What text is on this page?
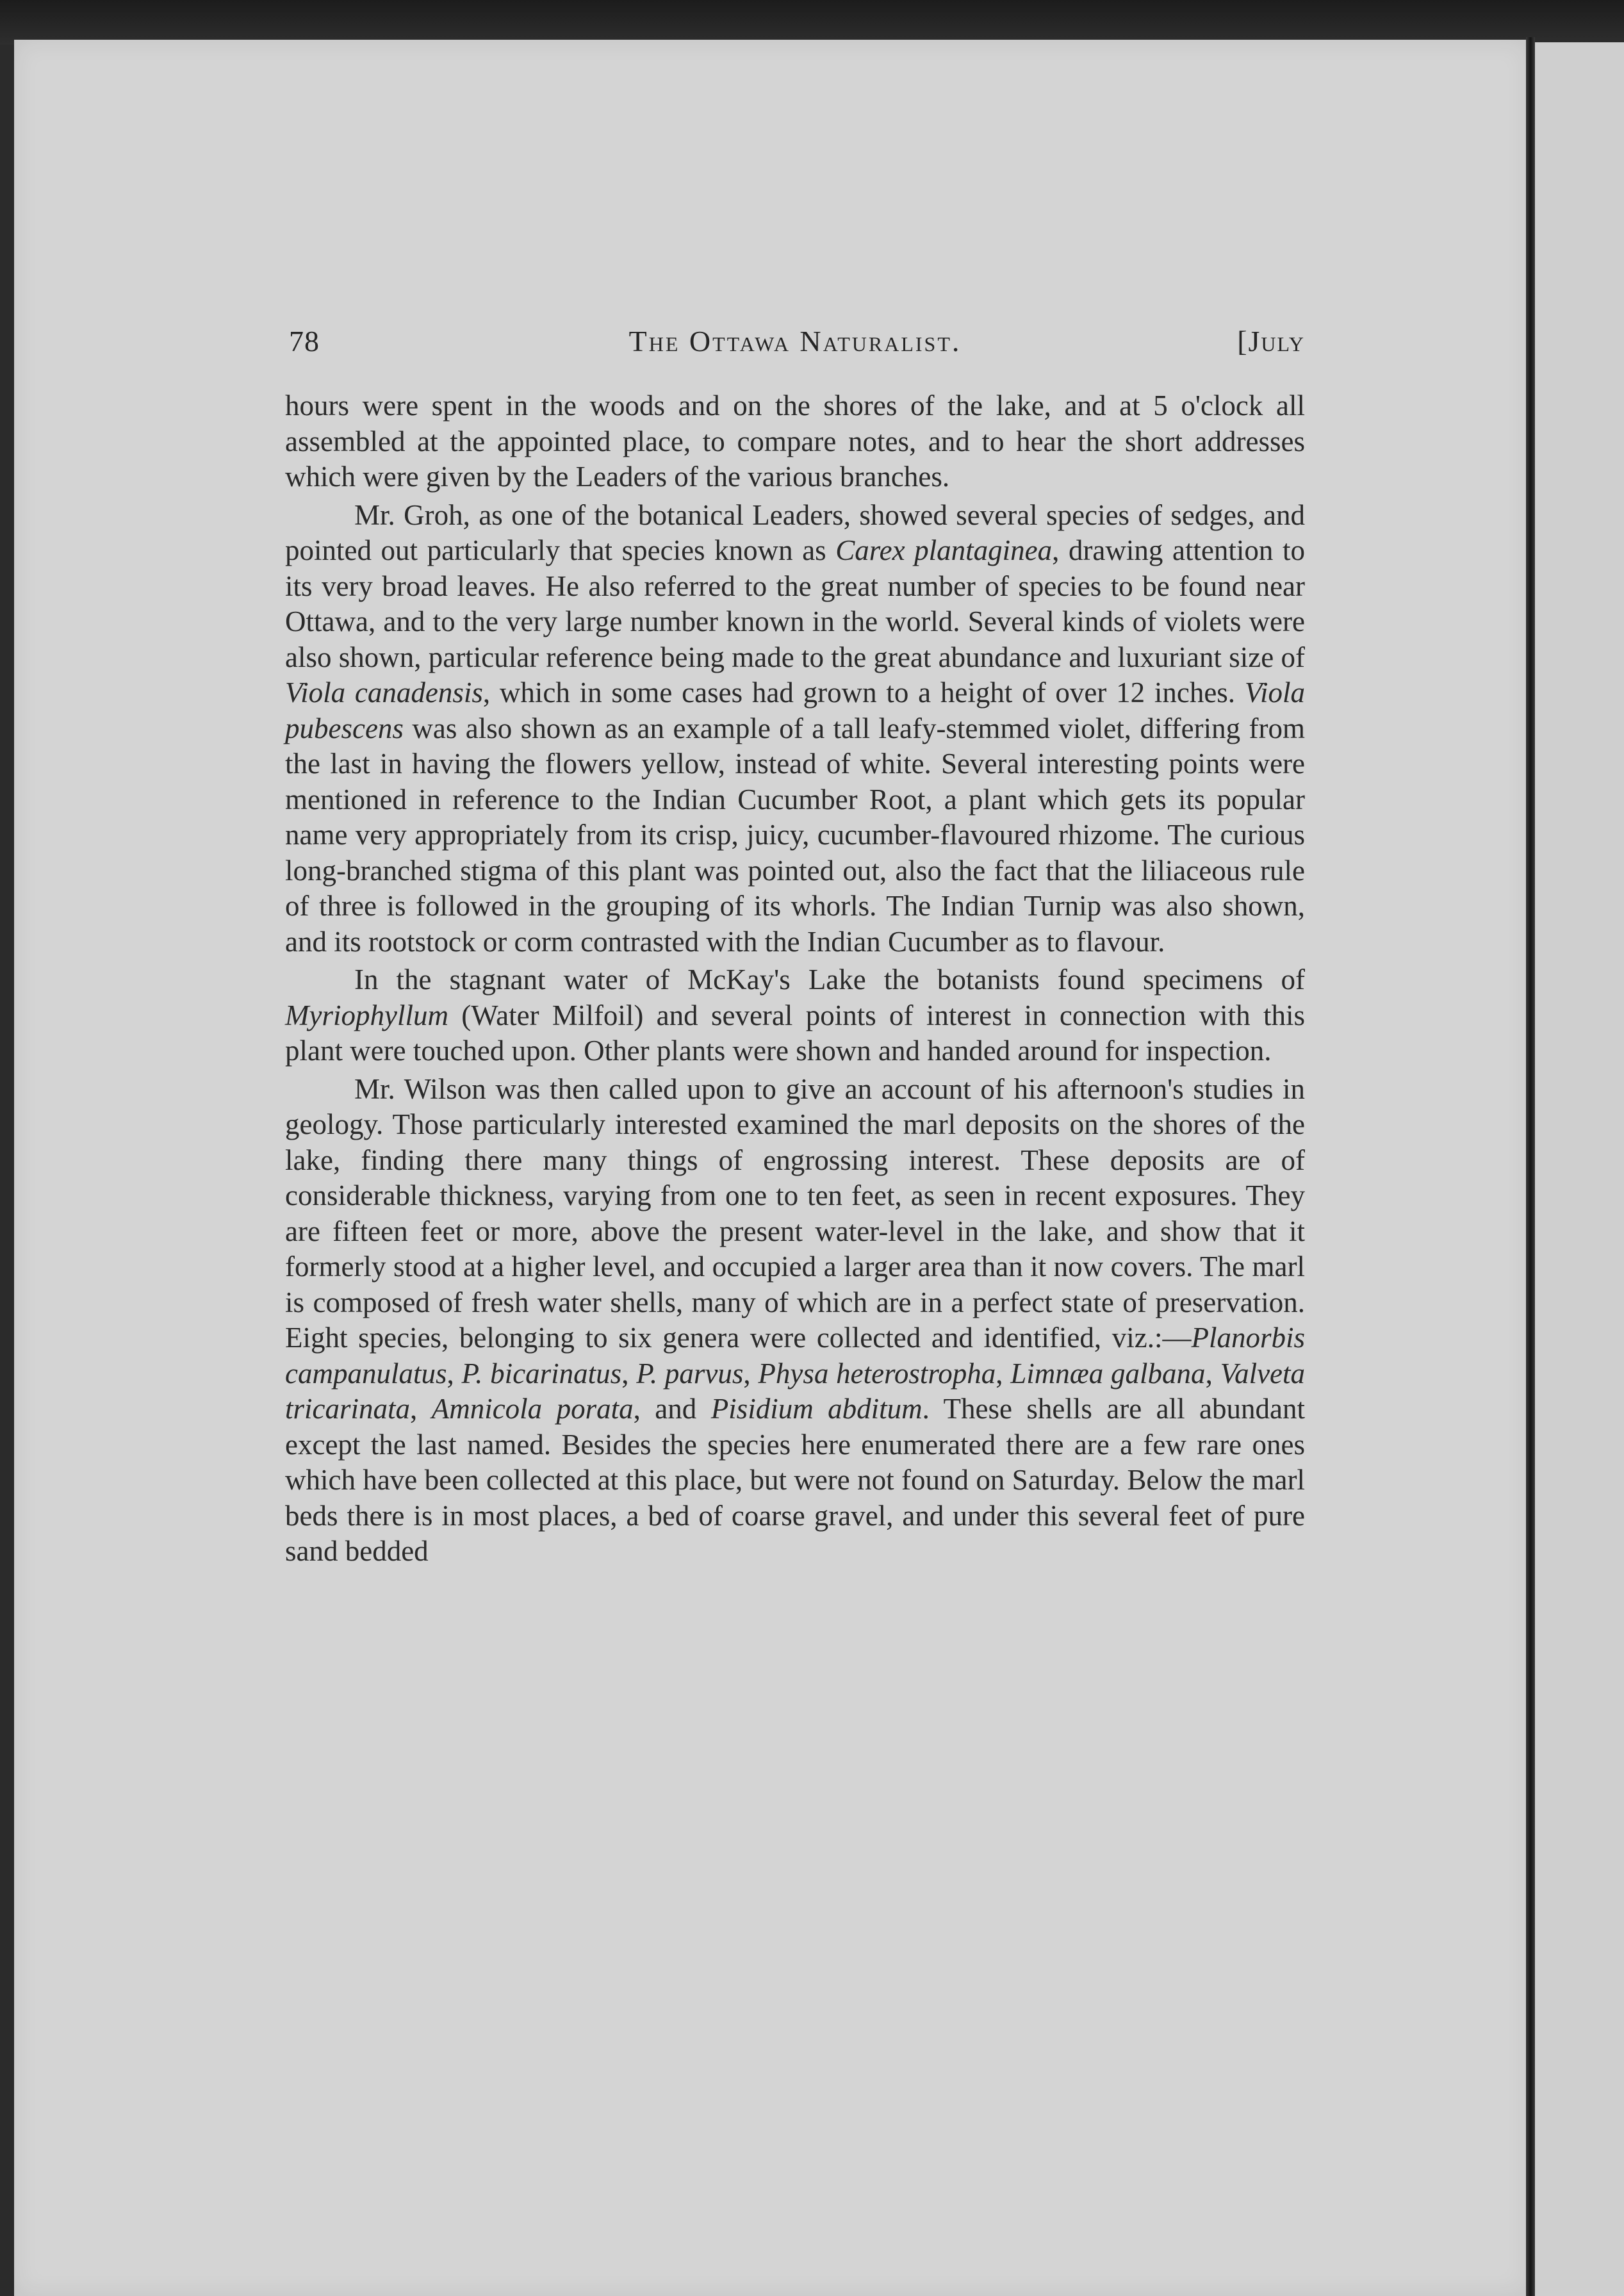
78	The Ottawa Naturalist.	[July

hours were spent in the woods and on the shores of the lake, and at 5 o'clock all assembled at the appointed place, to compare notes, and to hear the short addresses which were given by the Leaders of the various branches.

Mr. Groh, as one of the botanical Leaders, showed several species of sedges, and pointed out particularly that species known as Carex plantaginea, drawing attention to its very broad leaves. He also referred to the great number of species to be found near Ottawa, and to the very large number known in the world. Several kinds of violets were also shown, particular reference being made to the great abundance and luxuriant size of Viola canadensis, which in some cases had grown to a height of over 12 inches. Viola pubescens was also shown as an example of a tall leafy-stemmed violet, differing from the last in having the flowers yellow, instead of white. Several interesting points were mentioned in reference to the Indian Cucumber Root, a plant which gets its popular name very appropriately from its crisp, juicy, cucumber-flavoured rhizome. The curious long-branched stigma of this plant was pointed out, also the fact that the liliaceous rule of three is followed in the grouping of its whorls. The Indian Turnip was also shown, and its rootstock or corm contrasted with the Indian Cucumber as to flavour.

In the stagnant water of McKay's Lake the botanists found specimens of Myriophyllum (Water Milfoil) and several points of interest in connection with this plant were touched upon. Other plants were shown and handed around for inspection.

Mr. Wilson was then called upon to give an account of his afternoon's studies in geology. Those particularly interested examined the marl deposits on the shores of the lake, finding there many things of engrossing interest. These deposits are of considerable thickness, varying from one to ten feet, as seen in recent exposures. They are fifteen feet or more, above the present water-level in the lake, and show that it formerly stood at a higher level, and occupied a larger area than it now covers. The marl is composed of fresh water shells, many of which are in a perfect state of preservation. Eight species, belonging to six genera were collected and identified, viz.:—Planorbis campanulatus, P. bicarinatus, P. parvus, Physa heterostropha, Limnæa galbana, Valveta tricarinata, Amnicola porata, and Pisidium abditum. These shells are all abundant except the last named. Besides the species here enumerated there are a few rare ones which have been collected at this place, but were not found on Saturday. Below the marl beds there is in most places, a bed of coarse gravel, and under this several feet of pure sand bedded
